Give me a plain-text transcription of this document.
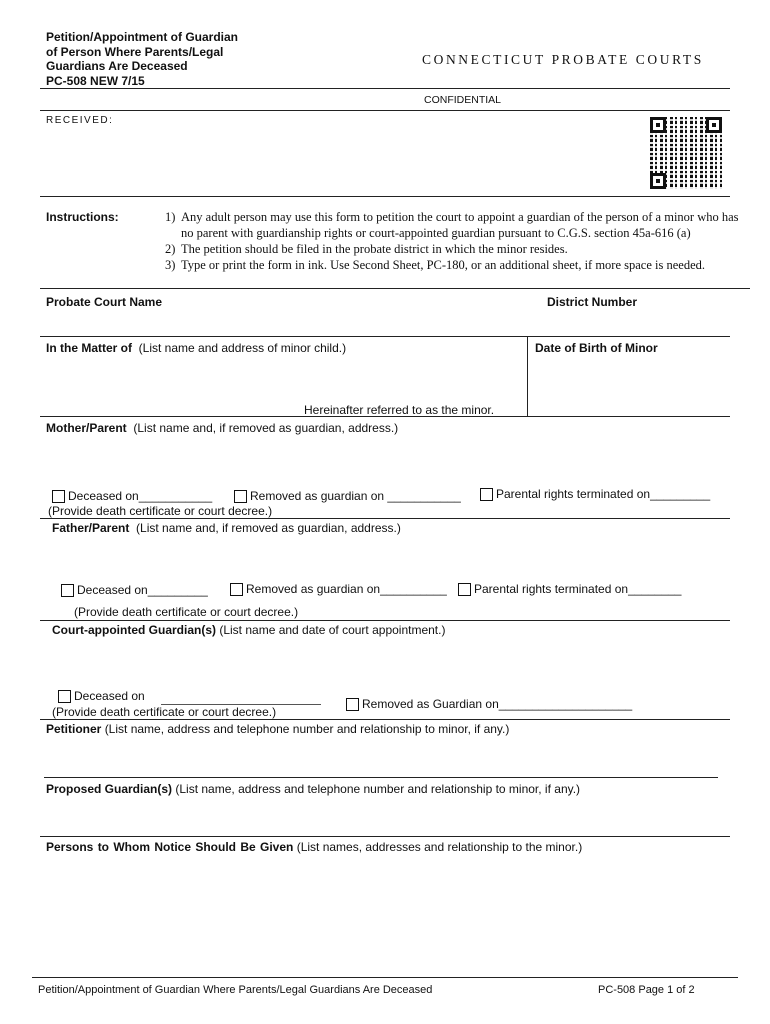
Petition/Appointment of Guardian
of Person Where Parents/Legal
Guardians Are Deceased
PC-508 NEW 7/15
CONNECTICUT PROBATE COURTS
CONFIDENTIAL
RECEIVED:
Instructions:	1) Any adult person may use this form to petition the court to appoint a guardian of the person of a minor who has no parent with guardianship rights or court-appointed guardian pursuant to C.G.S. section 45a-616 (a)
2) The petition should be filed in the probate district in which the minor resides.
3) Type or print the form in ink. Use Second Sheet, PC-180, or an additional sheet, if more space is needed.
Probate Court Name	District Number
In the Matter of (List name and address of minor child.)	Date of Birth of Minor
Hereinafter referred to as the minor.
Mother/Parent (List name and, if removed as guardian, address.)
Deceased on___________	Removed as guardian on ___________	Parental rights terminated on_________
(Provide death certificate or court decree.)
Father/Parent (List name and, if removed as guardian, address.)
Deceased on_________	Removed as guardian on__________ Parental rights terminated on________
(Provide death certificate or court decree.)
Court-appointed Guardian(s) (List name and date of court appointment.)
Deceased on
Removed as Guardian on____________________
(Provide death certificate or court decree.)
Petitioner (List name, address and telephone number and relationship to minor, if any.)
Proposed Guardian(s) (List name, address and telephone number and relationship to minor, if any.)
Persons to Whom Notice Should Be Given (List names, addresses and relationship to the minor.)
Petition/Appointment of Guardian Where Parents/Legal Guardians Are Deceased	PC-508 Page 1 of 2
